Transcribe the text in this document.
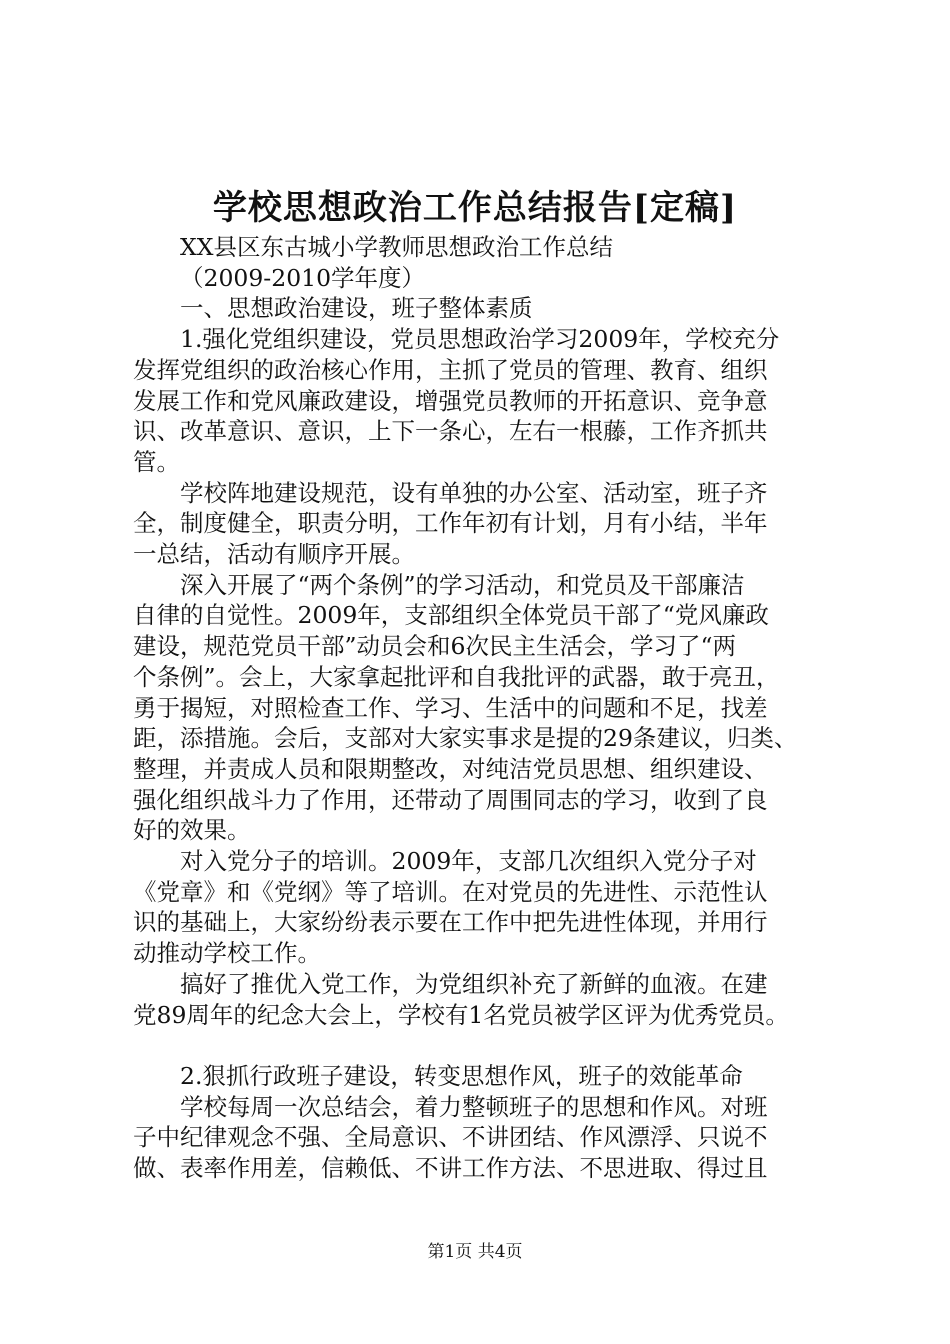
学校思想政治工作总结报告[定稿]
XX县区东古城小学教师思想政治工作总结
（2009-2010学年度）
一、思想政治建设，班子整体素质
1.强化党组织建设，党员思想政治学习2009年，学校充分
发挥党组织的政治核心作用，主抓了党员的管理、教育、组织
发展工作和党风廉政建设，增强党员教师的开拓意识、竞争意
识、改革意识、意识，上下一条心，左右一根藤，工作齐抓共
管。
学校阵地建设规范，设有单独的办公室、活动室，班子齐
全，制度健全，职责分明，工作年初有计划，月有小结，半年
一总结，活动有顺序开展。
深入开展了“两个条例”的学习活动，和党员及干部廉洁
自律的自觉性。2009年，支部组织全体党员干部了“党风廉政
建设，规范党员干部”动员会和6次民主生活会，学习了“两
个条例”。会上，大家拿起批评和自我批评的武器，敢于亮丑，
勇于揭短，对照检查工作、学习、生活中的问题和不足，找差
距，添措施。会后，支部对大家实事求是提的29条建议，归类、
整理，并责成人员和限期整改，对纯洁党员思想、组织建设、
强化组织战斗力了作用，还带动了周围同志的学习，收到了良
好的效果。
对入党分子的培训。2009年，支部几次组织入党分子对
《党章》和《党纲》等了培训。在对党员的先进性、示范性认
识的基础上，大家纷纷表示要在工作中把先进性体现，并用行
动推动学校工作。
搞好了推优入党工作，为党组织补充了新鲜的血液。在建
党89周年的纪念大会上，学校有1名党员被学区评为优秀党员。
2.狠抓行政班子建设，转变思想作风，班子的效能革命
学校每周一次总结会，着力整顿班子的思想和作风。对班
子中纪律观念不强、全局意识、不讲团结、作风漂浮、只说不
做、表率作用差，信赖低、不讲工作方法、不思进取、得过且
第1页 共4页
